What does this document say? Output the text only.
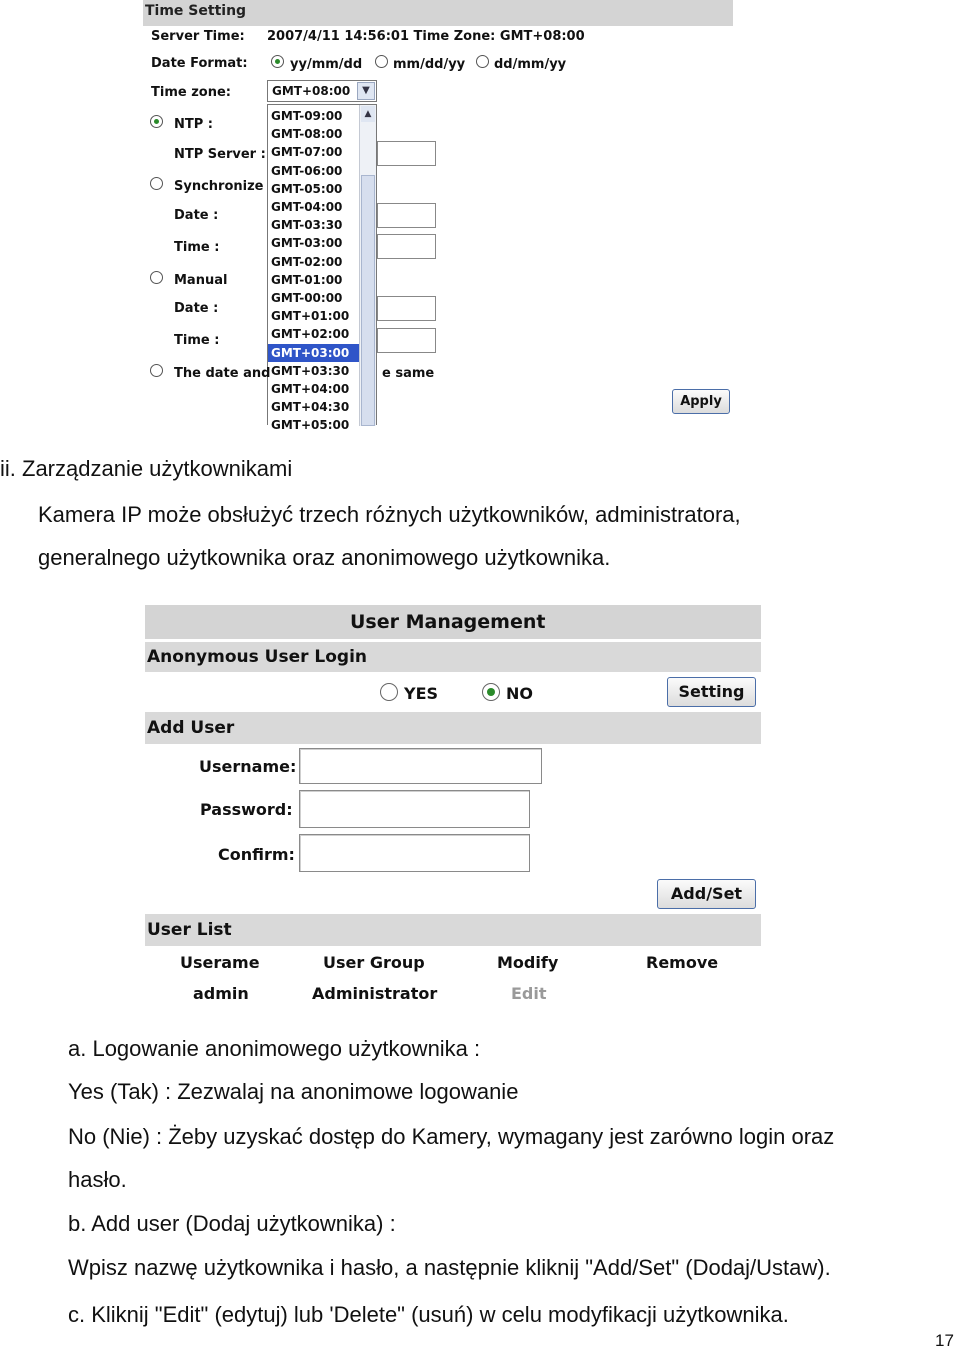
Time Setting
Server Time: 2007/4/11 14:56:01 Time Zone: GMT+08:00
Date Format:	yy/mm/dd mm/dd/yy dd/mm/yy
Time zone:	GMT+08:00	▼
GMT-09:00
GMT-08:00
GMT-07:00
GMT-06:00
GMT-05:00
GMT-04:00
GMT-03:30
GMT-03:00
GMT-02:00
GMT-01:00
GMT-00:00
GMT+01:00
GMT+02:00
GMT+03:00
GMT+03:30
GMT+04:00
GMT+04:30
GMT+05:00
▲
NTP :
NTP Server :
Synchronize
Date :
Time :
Manual
Date :
Time :
The date and	e same
Apply
ii. Zarządzanie użytkownikami
Kamera IP może obsłużyć trzech różnych użytkowników, administratora,
generalnego użytkownika oraz anonimowego użytkownika.
User Management
Anonymous User Login
YES	NO	Setting
Add User
Username:
Password:
Confirm:
Add/Set
User List
Userame	User Group	Modify	Remove
admin	Administrator	Edit
a. Logowanie anonimowego użytkownika :
Yes (Tak) : Zezwalaj na anonimowe logowanie
No (Nie) : Żeby uzyskać dostęp do Kamery, wymagany jest zarówno login oraz
hasło.
b. Add user (Dodaj użytkownika) :
Wpisz nazwę użytkownika i hasło, a następnie kliknij "Add/Set" (Dodaj/Ustaw).
c. Kliknij "Edit" (edytuj) lub 'Delete" (usuń) w celu modyfikacji użytkownika.
17
